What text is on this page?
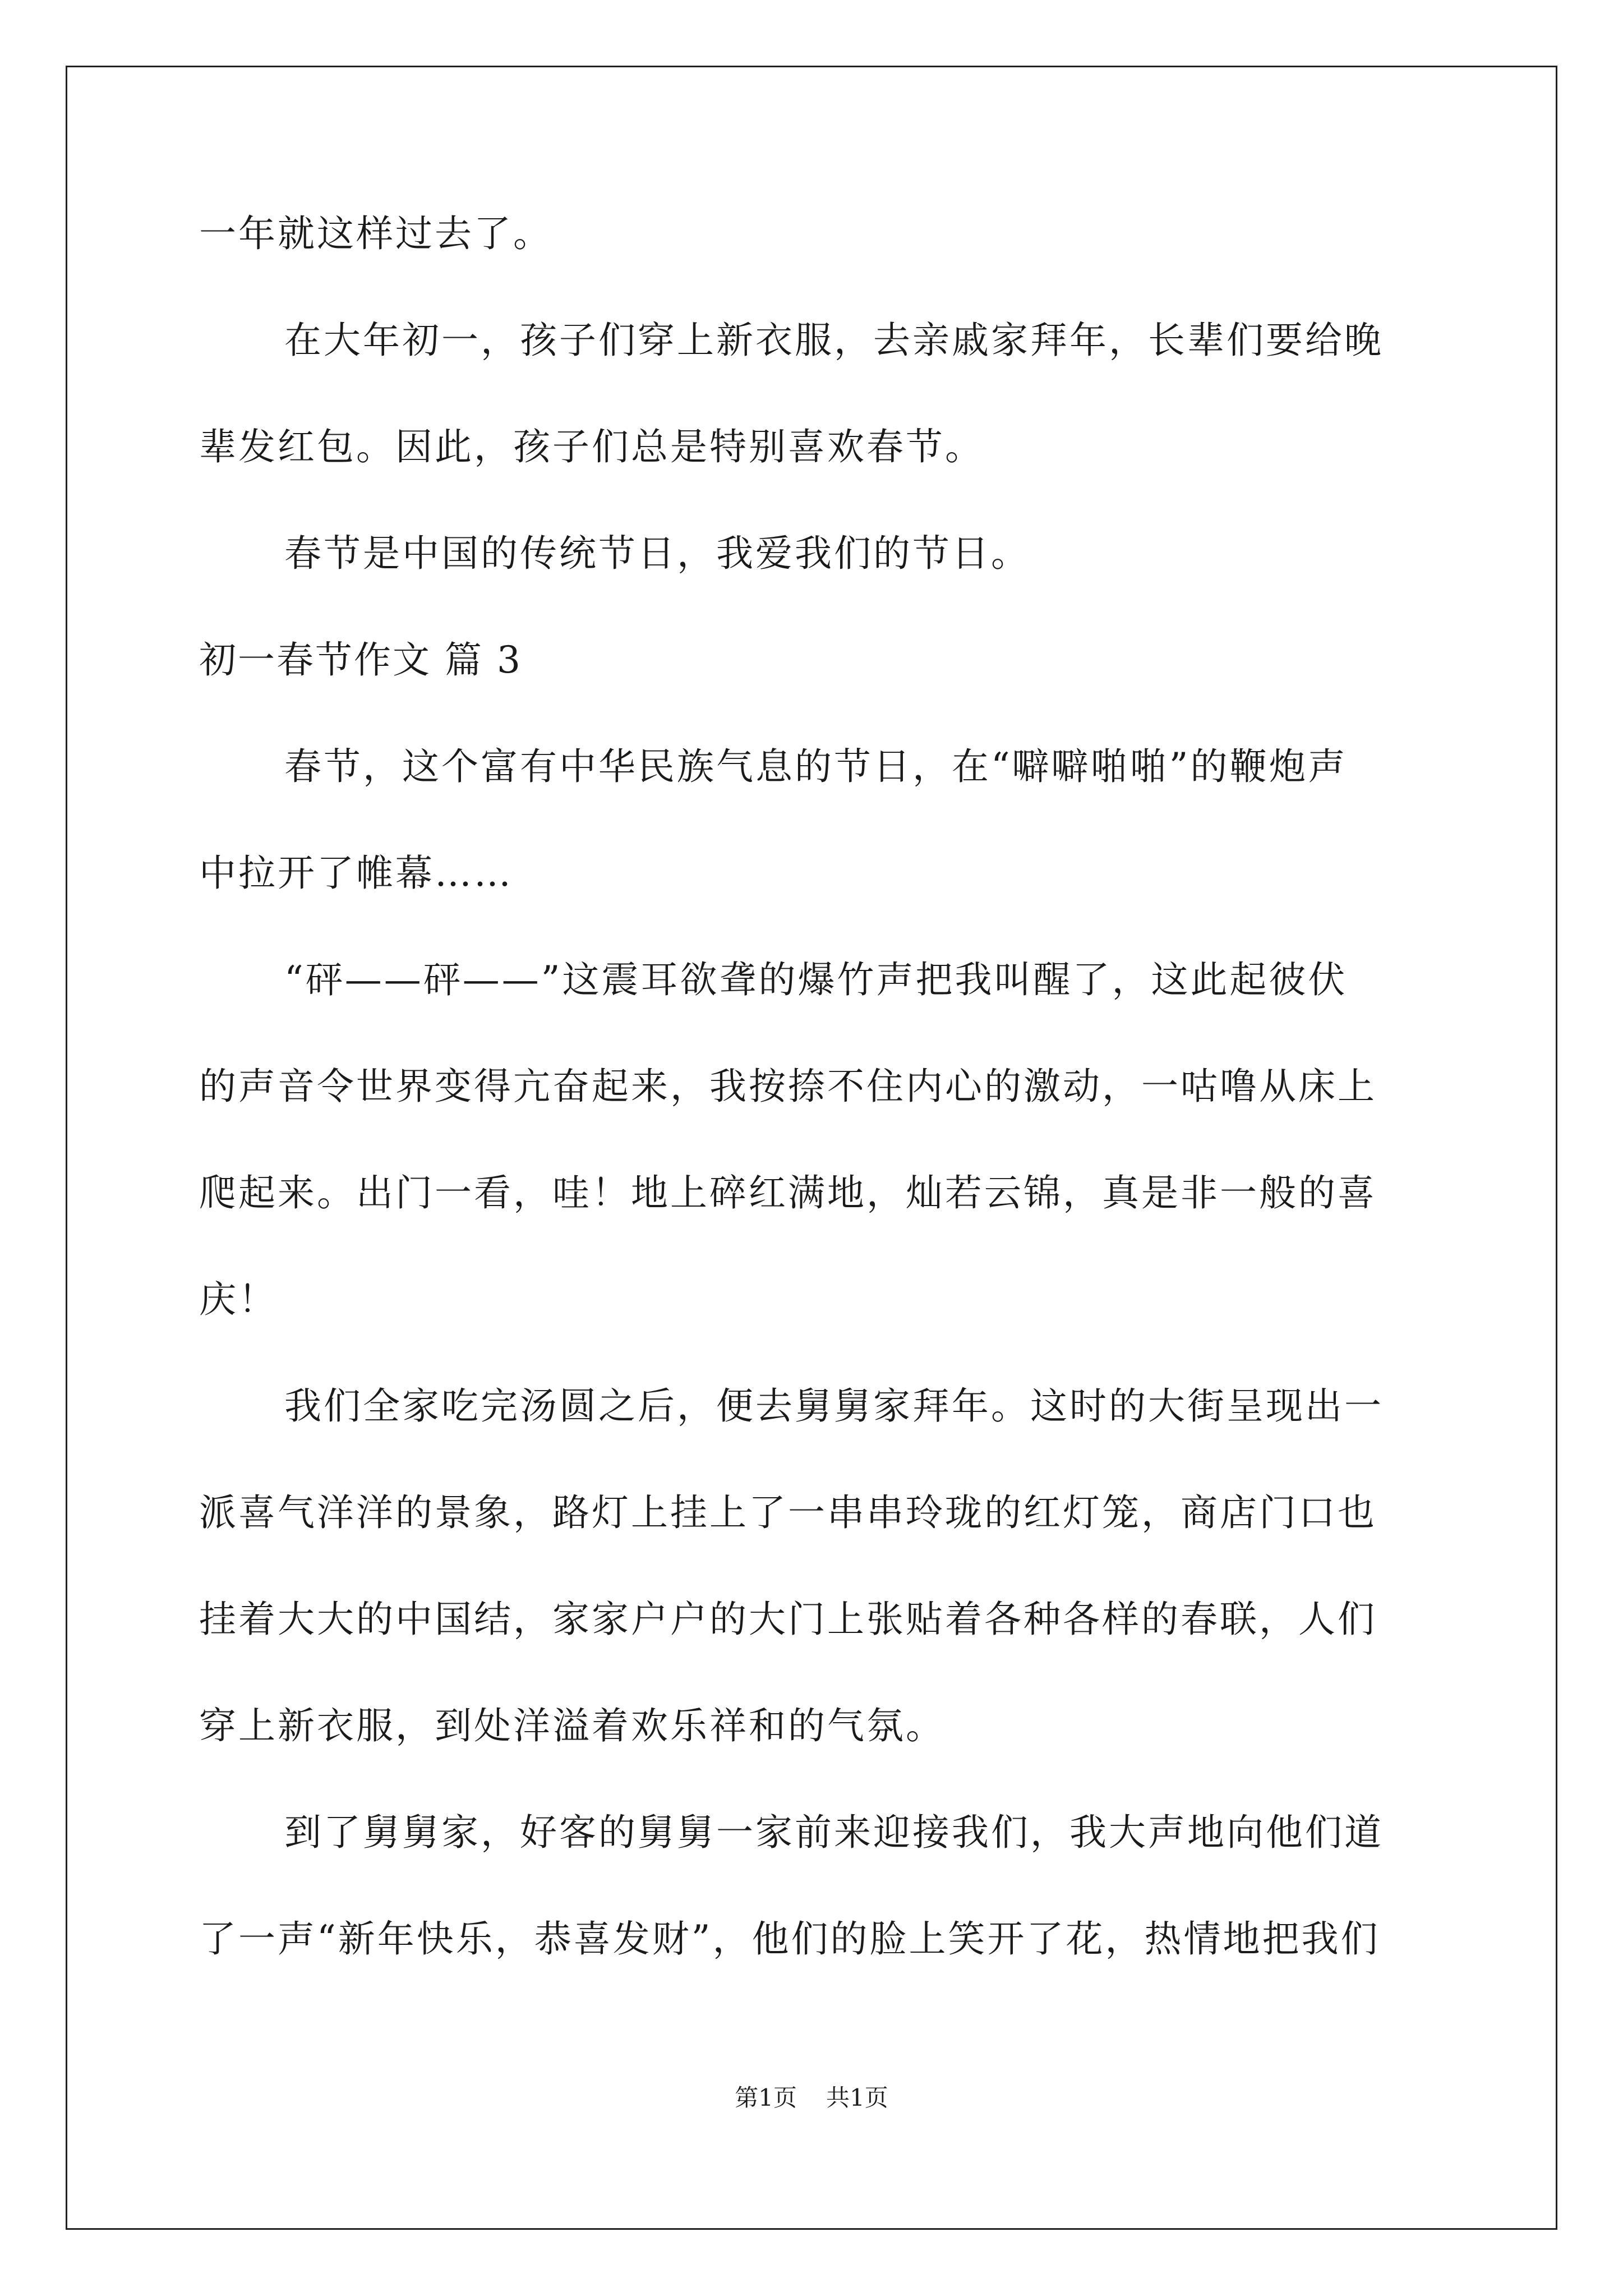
一年就这样过去了。
在大年初一，孩子们穿上新衣服，去亲戚家拜年，长辈们要给晚
辈发红包。因此，孩子们总是特别喜欢春节。
春节是中国的传统节日，我爱我们的节日。
初一春节作文 篇 3
春节，这个富有中华民族气息的节日，在“噼噼啪啪”的鞭炮声
中拉开了帷幕……
“砰——砰——”这震耳欲聋的爆竹声把我叫醒了，这此起彼伏
的声音令世界变得亢奋起来，我按捺不住内心的激动，一咕噜从床上
爬起来。出门一看，哇！地上碎红满地，灿若云锦，真是非一般的喜
庆！
我们全家吃完汤圆之后，便去舅舅家拜年。这时的大街呈现出一
派喜气洋洋的景象，路灯上挂上了一串串玲珑的红灯笼，商店门口也
挂着大大的中国结，家家户户的大门上张贴着各种各样的春联，人们
穿上新衣服，到处洋溢着欢乐祥和的气氛。
到了舅舅家，好客的舅舅一家前来迎接我们，我大声地向他们道
了一声“新年快乐，恭喜发财”，他们的脸上笑开了花，热情地把我们
第1页 共1页
